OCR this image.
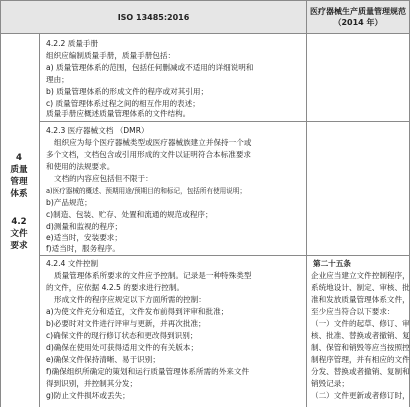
ISO 13485:2016
医疗器械生产质量管理规范
（2014 年）
4
质量
管理
体系
4.2
文件
要求
4.2.2 质量手册
组织应编制质量手册，质量手册包括：
a) 质量管理体系的范围，包括任何删减或不适用的详细说明和
理由；
b) 质量管理体系的形成文件的程序或对其引用；
c) 质量管理体系过程之间的相互作用的表述；
质量手册应概述质量管理体系的文件结构。
4.2.3 医疗器械文档 （DMR）
组织应为每个医疗器械类型或医疗器械族建立并保持一个或
多个文档，文档包含或引用形成的文件以证明符合本标准要求
和使用的法规要求。
文档的内容应包括但不限于：
a)医疗器械的概述、预期用途/预期目的和标记，包括所有使用说明；
b)产品规范；
c)制造、包装、贮存、处置和流通的规范或程序；
d)测量和监视的程序；
e)适当时，安装要求；
f)适当时，服务程序。
4.2.4 文件控制
质量管理体系所要求的文件应予控制。记录是一种特殊类型
的文件，应依据 4.2.5 的要求进行控制。
形成文件的程序应规定以下方面所需的控制：
a)为使文件充分和适宜，文件发布前得到评审和批准；
b)必要时对文件进行评审与更新，并再次批准；
c)确保文件的现行修订状态和更改得到识别；
d)确保在使用处可获得适用文件的有关版本；
e)确保文件保持清晰、易于识别；
f)确保组织所确定的策划和运行质量管理体系所需的外来文件
得到识别，并控制其分发；
g)防止文件损坏或丢失；
第二十五条
企业应当建立文件控制程序，
系统地设计、制定、审核、批
准和发放质量管理体系文件，
至少应当符合以下要求：
（一）文件的起草、修订、审
核、批准、替换或者撤销、复
制、保管和销毁等应当按照控
制程序管理，并有相应的文件
分发、替换或者撤销、复制和
销毁记录；
（二）文件更新或者修订时，
